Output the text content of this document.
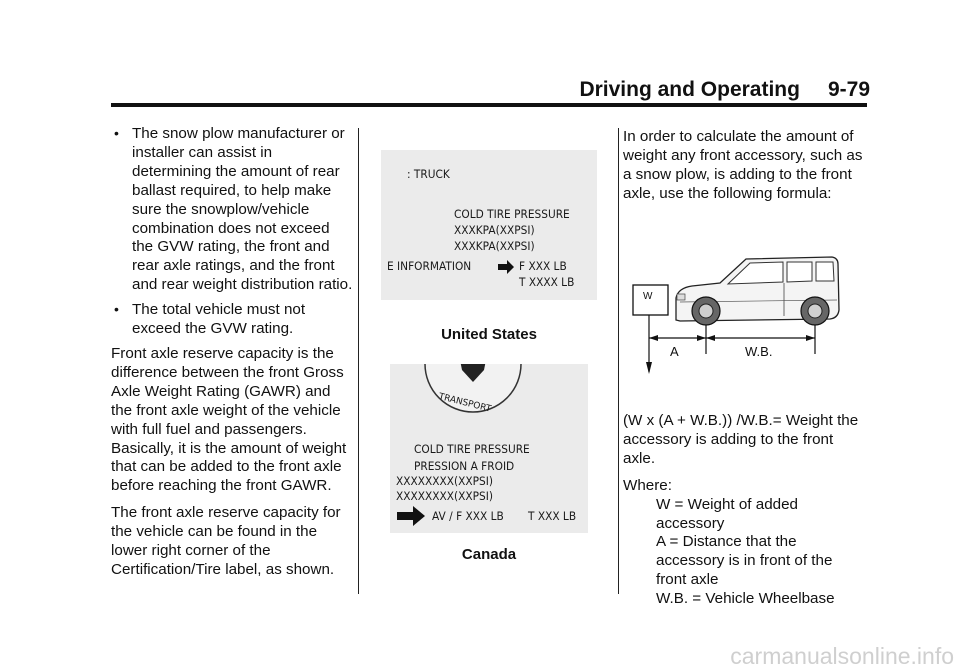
Driving and Operating 9-79
• The snow plow manufacturer or installer can assist in determining the amount of rear ballast required, to help make sure the snowplow/vehicle combination does not exceed the GVW rating, the front and rear axle ratings, and the front and rear weight distribution ratio.
• The total vehicle must not exceed the GVW rating.

Front axle reserve capacity is the difference between the front Gross Axle Weight Rating (GAWR) and the front axle weight of the vehicle with full fuel and passengers. Basically, it is the amount of weight that can be added to the front axle before reaching the front GAWR.

The front axle reserve capacity for the vehicle can be found in the lower right corner of the Certification/Tire label, as shown.

: TRUCK
COLD TIRE PRESSURE
XXXKPA(XXPSI)
XXXKPA(XXPSI)
E INFORMATION	F XXX LB
T XXXX LB
United States
C	C
TRANSPORT
COLD TIRE PRESSURE
PRESSION A FROID
XXXXXXXX(XXPSI)
XXXXXXXX(XXPSI)
AV / F XXX LB T XXX LB
Canada

In order to calculate the amount of weight any front accessory, such as a snow plow, is adding to the front axle, use the following formula:

W
A	W.B.

(W x (A + W.B.)) /W.B.= Weight the accessory is adding to the front axle.

Where:
W = Weight of added accessory
A = Distance that the accessory is in front of the front axle
W.B. = Vehicle Wheelbase
carmanualsonline.info
